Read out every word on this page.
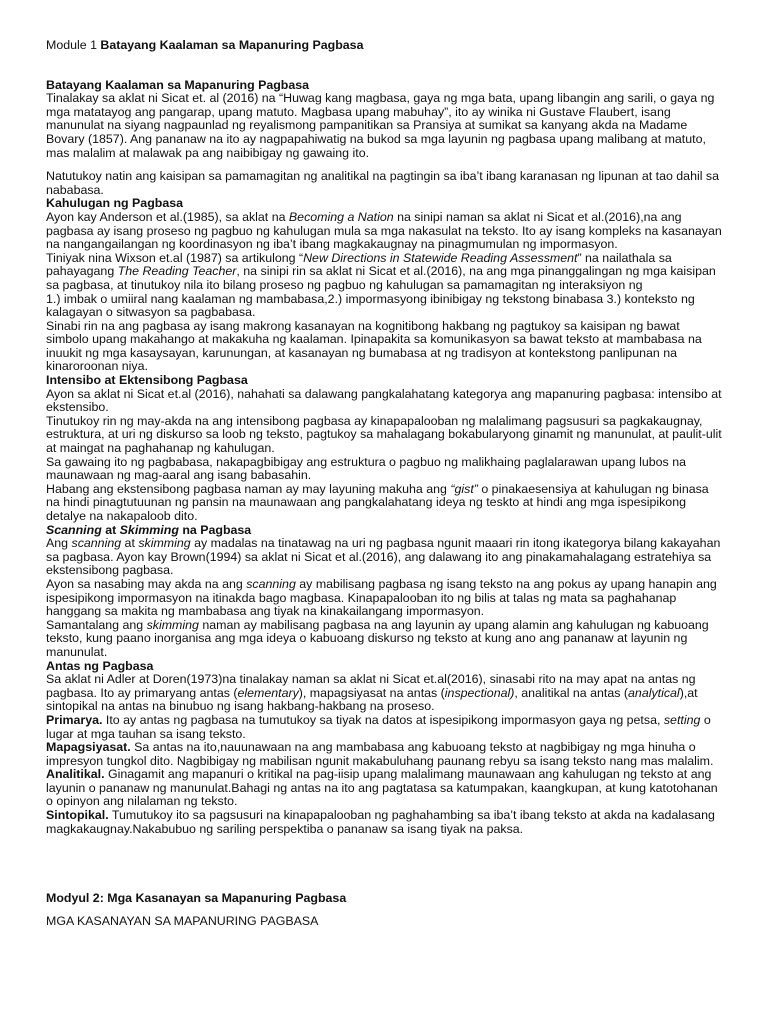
Module 1 Batayang Kaalaman sa Mapanuring Pagbasa

Batayang Kaalaman sa Mapanuring Pagbasa

Tinalakay sa aklat ni Sicat et. al (2016) na “Huwag kang magbasa, gaya ng mga bata, upang libangin ang sarili, o gaya ng mga matatayog ang pangarap, upang matuto. Magbasa upang mabuhay”, ito ay winika ni Gustave Flaubert, isang manunulat na siyang nagpaunlad ng reyalismong pampanitikan sa Pransiya at sumikat sa kanyang akda na Madame Bovary (1857). Ang pananaw na ito ay nagpapahiwatig na bukod sa mga layunin ng pagbasa upang malibang at matuto, mas malalim at malawak pa ang naibibigay ng gawaing ito.

Natutukoy natin ang kaisipan sa pamamagitan ng analitikal na pagtingin sa iba’t ibang karanasan ng lipunan at tao dahil sa nababasa.

Kahulugan ng Pagbasa

Ayon kay Anderson et al.(1985), sa aklat na Becoming a Nation na sinipi naman sa aklat ni Sicat et al.(2016),na ang pagbasa ay isang proseso ng pagbuo ng kahulugan mula sa mga nakasulat na teksto. Ito ay isang kompleks na kasanayan na nangangailangan ng koordinasyon ng iba’t ibang magkakaugnay na pinagmumulan ng impormasyon.

Tiniyak nina Wixson et.al (1987) sa artikulong “New Directions in Statewide Reading Assessment” na nailathala sa pahayagang The Reading Teacher, na sinipi rin sa aklat ni Sicat et al.(2016), na ang mga pinanggalingan ng mga kaisipan sa pagbasa, at tinutukoy nila ito bilang proseso ng pagbuo ng kahulugan sa pamamagitan ng interaksiyon ng

1.) imbak o umiiral nang kaalaman ng mambabasa,2.) impormasyong ibinibigay ng tekstong binabasa 3.) konteksto ng kalagayan o sitwasyon sa pagbabasa.

Sinabi rin na ang pagbasa ay isang makrong kasanayan na kognitibong hakbang ng pagtukoy sa kaisipan ng bawat simbolo upang makahango at makakuha ng kaalaman. Ipinapakita sa komunikasyon sa bawat teksto at mambabasa na inuukit ng mga kasaysayan, karunungan, at kasanayan ng bumabasa at ng tradisyon at kontekstong panlipunan na kinaroroonan niya.

Intensibo at Ektensibong Pagbasa

Ayon sa aklat ni Sicat et.al (2016), nahahati sa dalawang pangkalahatang kategorya ang mapanuring pagbasa: intensibo at ekstensibo.

Tinutukoy rin ng may-akda na ang intensibong pagbasa ay kinapapalooban ng malalimang pagsusuri sa pagkakaugnay, estruktura, at uri ng diskurso sa loob ng teksto, pagtukoy sa mahalagang bokabularyong ginamit ng manunulat, at paulit-ulit at maingat na paghahanap ng kahulugan.

Sa gawaing ito ng pagbabasa, nakapagbibigay ang estruktura o pagbuo ng malikhaing paglalarawan upang lubos na maunawaan ng mag-aaral ang isang babasahin.

Habang ang ekstensibong pagbasa naman ay may layuning makuha ang “gist” o pinakaesensiya at kahulugan ng binasa na hindi pinagtutuunan ng pansin na maunawaan ang pangkalahatang ideya ng teskto at hindi ang mga ispesipikong detalye na nakapaloob dito.

Scanning at Skimming na Pagbasa

Ang scanning at skimming ay madalas na tinatawag na uri ng pagbasa ngunit maaari rin itong ikategorya bilang kakayahan sa pagbasa. Ayon kay Brown(1994) sa aklat ni Sicat et al.(2016), ang dalawang ito ang pinakamahalagang estratehiya sa ekstensibong pagbasa.

Ayon sa nasabing may akda na ang scanning ay mabilisang pagbasa ng isang teksto na ang pokus ay upang hanapin ang ispesipikong impormasyon na itinakda bago magbasa. Kinapapalooban ito ng bilis at talas ng mata sa paghahanap hanggang sa makita ng mambabasa ang tiyak na kinakailangang impormasyon.

Samantalang ang skimming naman ay mabilisang pagbasa na ang layunin ay upang alamin ang kahulugan ng kabuoang teksto, kung paano inorganisa ang mga ideya o kabuoang diskurso ng teksto at kung ano ang pananaw at layunin ng manunulat.

Antas ng Pagbasa

Sa aklat ni Adler at Doren(1973)na tinalakay naman sa aklat ni Sicat et.al(2016), sinasabi rito na may apat na antas ng pagbasa. Ito ay primaryang antas (elementary), mapagsiyasat na antas (inspectional), analitikal na antas (analytical),at sintopikal na antas na binubuo ng isang hakbang-hakbang na proseso.

Primarya. Ito ay antas ng pagbasa na tumutukoy sa tiyak na datos at ispesipikong impormasyon gaya ng petsa, setting o lugar at mga tauhan sa isang teksto.

Mapagsiyasat. Sa antas na ito,nauunawaan na ang mambabasa ang kabuoang teksto at nagbibigay ng mga hinuha o impresyon tungkol dito. Nagbibigay ng mabilisan ngunit makabuluhang paunang rebyu sa isang teksto nang mas malalim.

Analitikal. Ginagamit ang mapanuri o kritikal na pag-iisip upang malalimang maunawaan ang kahulugan ng teksto at ang layunin o pananaw ng manunulat.Bahagi ng antas na ito ang pagtatasa sa katumpakan, kaangkupan, at kung katotohanan o opinyon ang nilalaman ng teksto.

Sintopikal. Tumutukoy ito sa pagsusuri na kinapapalooban ng paghahambing sa iba’t ibang teksto at akda na kadalasang magkakaugnay.Nakabubuo ng sariling perspektiba o pananaw sa isang tiyak na paksa.

Modyul 2: Mga Kasanayan sa Mapanuring Pagbasa

MGA KASANAYAN SA MAPANURING PAGBASA
